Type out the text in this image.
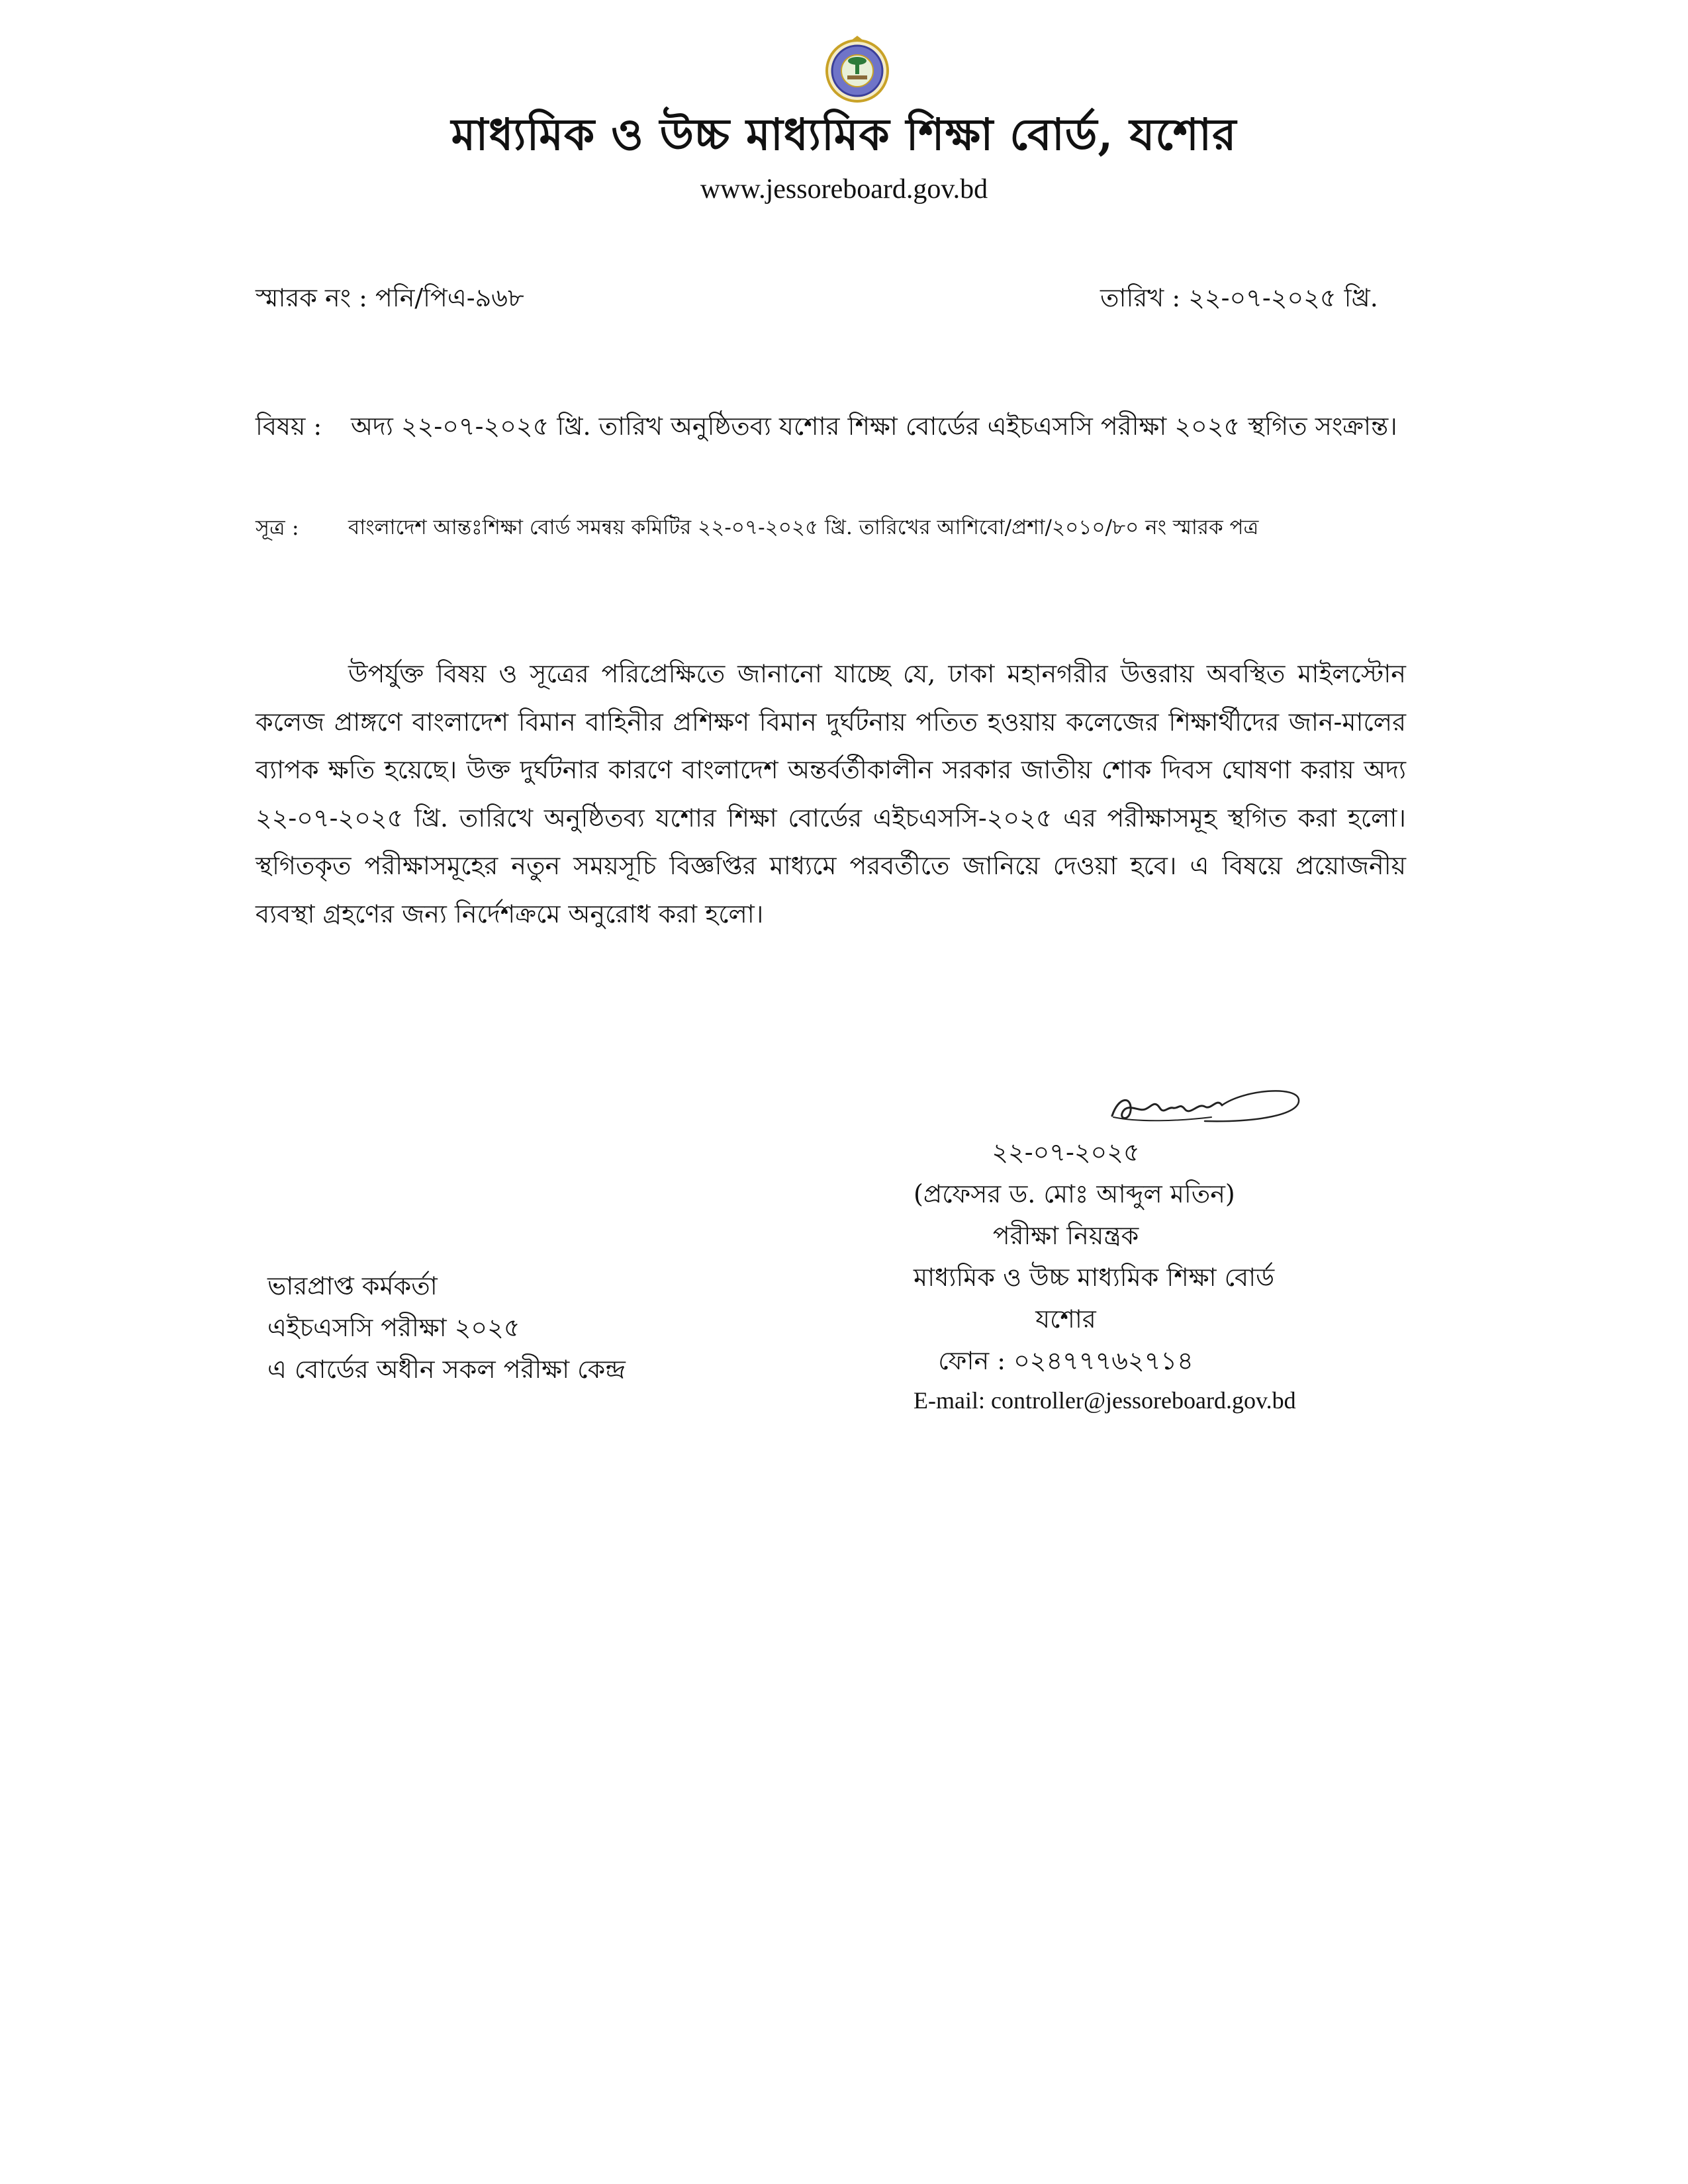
মাধ্যমিক ও উচ্চ মাধ্যমিক শিক্ষা বোর্ড, যশোর
www.jessoreboard.gov.bd
স্মারক নং : পনি/পিএ-৯৬৮	তারিখ : ২২-০৭-২০২৫ খ্রি.
বিষয় : অদ্য ২২-০৭-২০২৫ খ্রি. তারিখ অনুষ্ঠিতব্য যশোর শিক্ষা বোর্ডের এইচএসসি পরীক্ষা ২০২৫ স্থগিত সংক্রান্ত।
সূত্র : বাংলাদেশ আন্তঃশিক্ষা বোর্ড সমন্বয় কমিটির ২২-০৭-২০২৫ খ্রি. তারিখের আশিবো/প্রশা/২০১০/৮০ নং স্মারক পত্র
উপর্যুক্ত বিষয় ও সূত্রের পরিপ্রেক্ষিতে জানানো যাচ্ছে যে, ঢাকা মহানগরীর উত্তরায় অবস্থিত মাইলস্টোন কলেজ প্রাঙ্গণে বাংলাদেশ বিমান বাহিনীর প্রশিক্ষণ বিমান দুর্ঘটনায় পতিত হওয়ায় কলেজের শিক্ষার্থীদের জান-মালের ব্যাপক ক্ষতি হয়েছে। উক্ত দুর্ঘটনার কারণে বাংলাদেশ অন্তর্বর্তীকালীন সরকার জাতীয় শোক দিবস ঘোষণা করায় অদ্য ২২-০৭-২০২৫ খ্রি. তারিখে অনুষ্ঠিতব্য যশোর শিক্ষা বোর্ডের এইচএসসি-২০২৫ এর পরীক্ষাসমূহ স্থগিত করা হলো। স্থগিতকৃত পরীক্ষাসমূহের নতুন সময়সূচি বিজ্ঞপ্তির মাধ্যমে পরবর্তীতে জানিয়ে দেওয়া হবে। এ বিষয়ে প্রয়োজনীয় ব্যবস্থা গ্রহণের জন্য নির্দেশক্রমে অনুরোধ করা হলো।
২২-০৭-২০২৫
(প্রফেসর ড. মোঃ আব্দুল মতিন)
পরীক্ষা নিয়ন্ত্রক
মাধ্যমিক ও উচ্চ মাধ্যমিক শিক্ষা বোর্ড
যশোর
ফোন : ০২৪৭৭৭৬২৭১৪
E-mail: controller@jessoreboard.gov.bd
ভারপ্রাপ্ত কর্মকর্তা
এইচএসসি পরীক্ষা ২০২৫
এ বোর্ডের অধীন সকল পরীক্ষা কেন্দ্র
